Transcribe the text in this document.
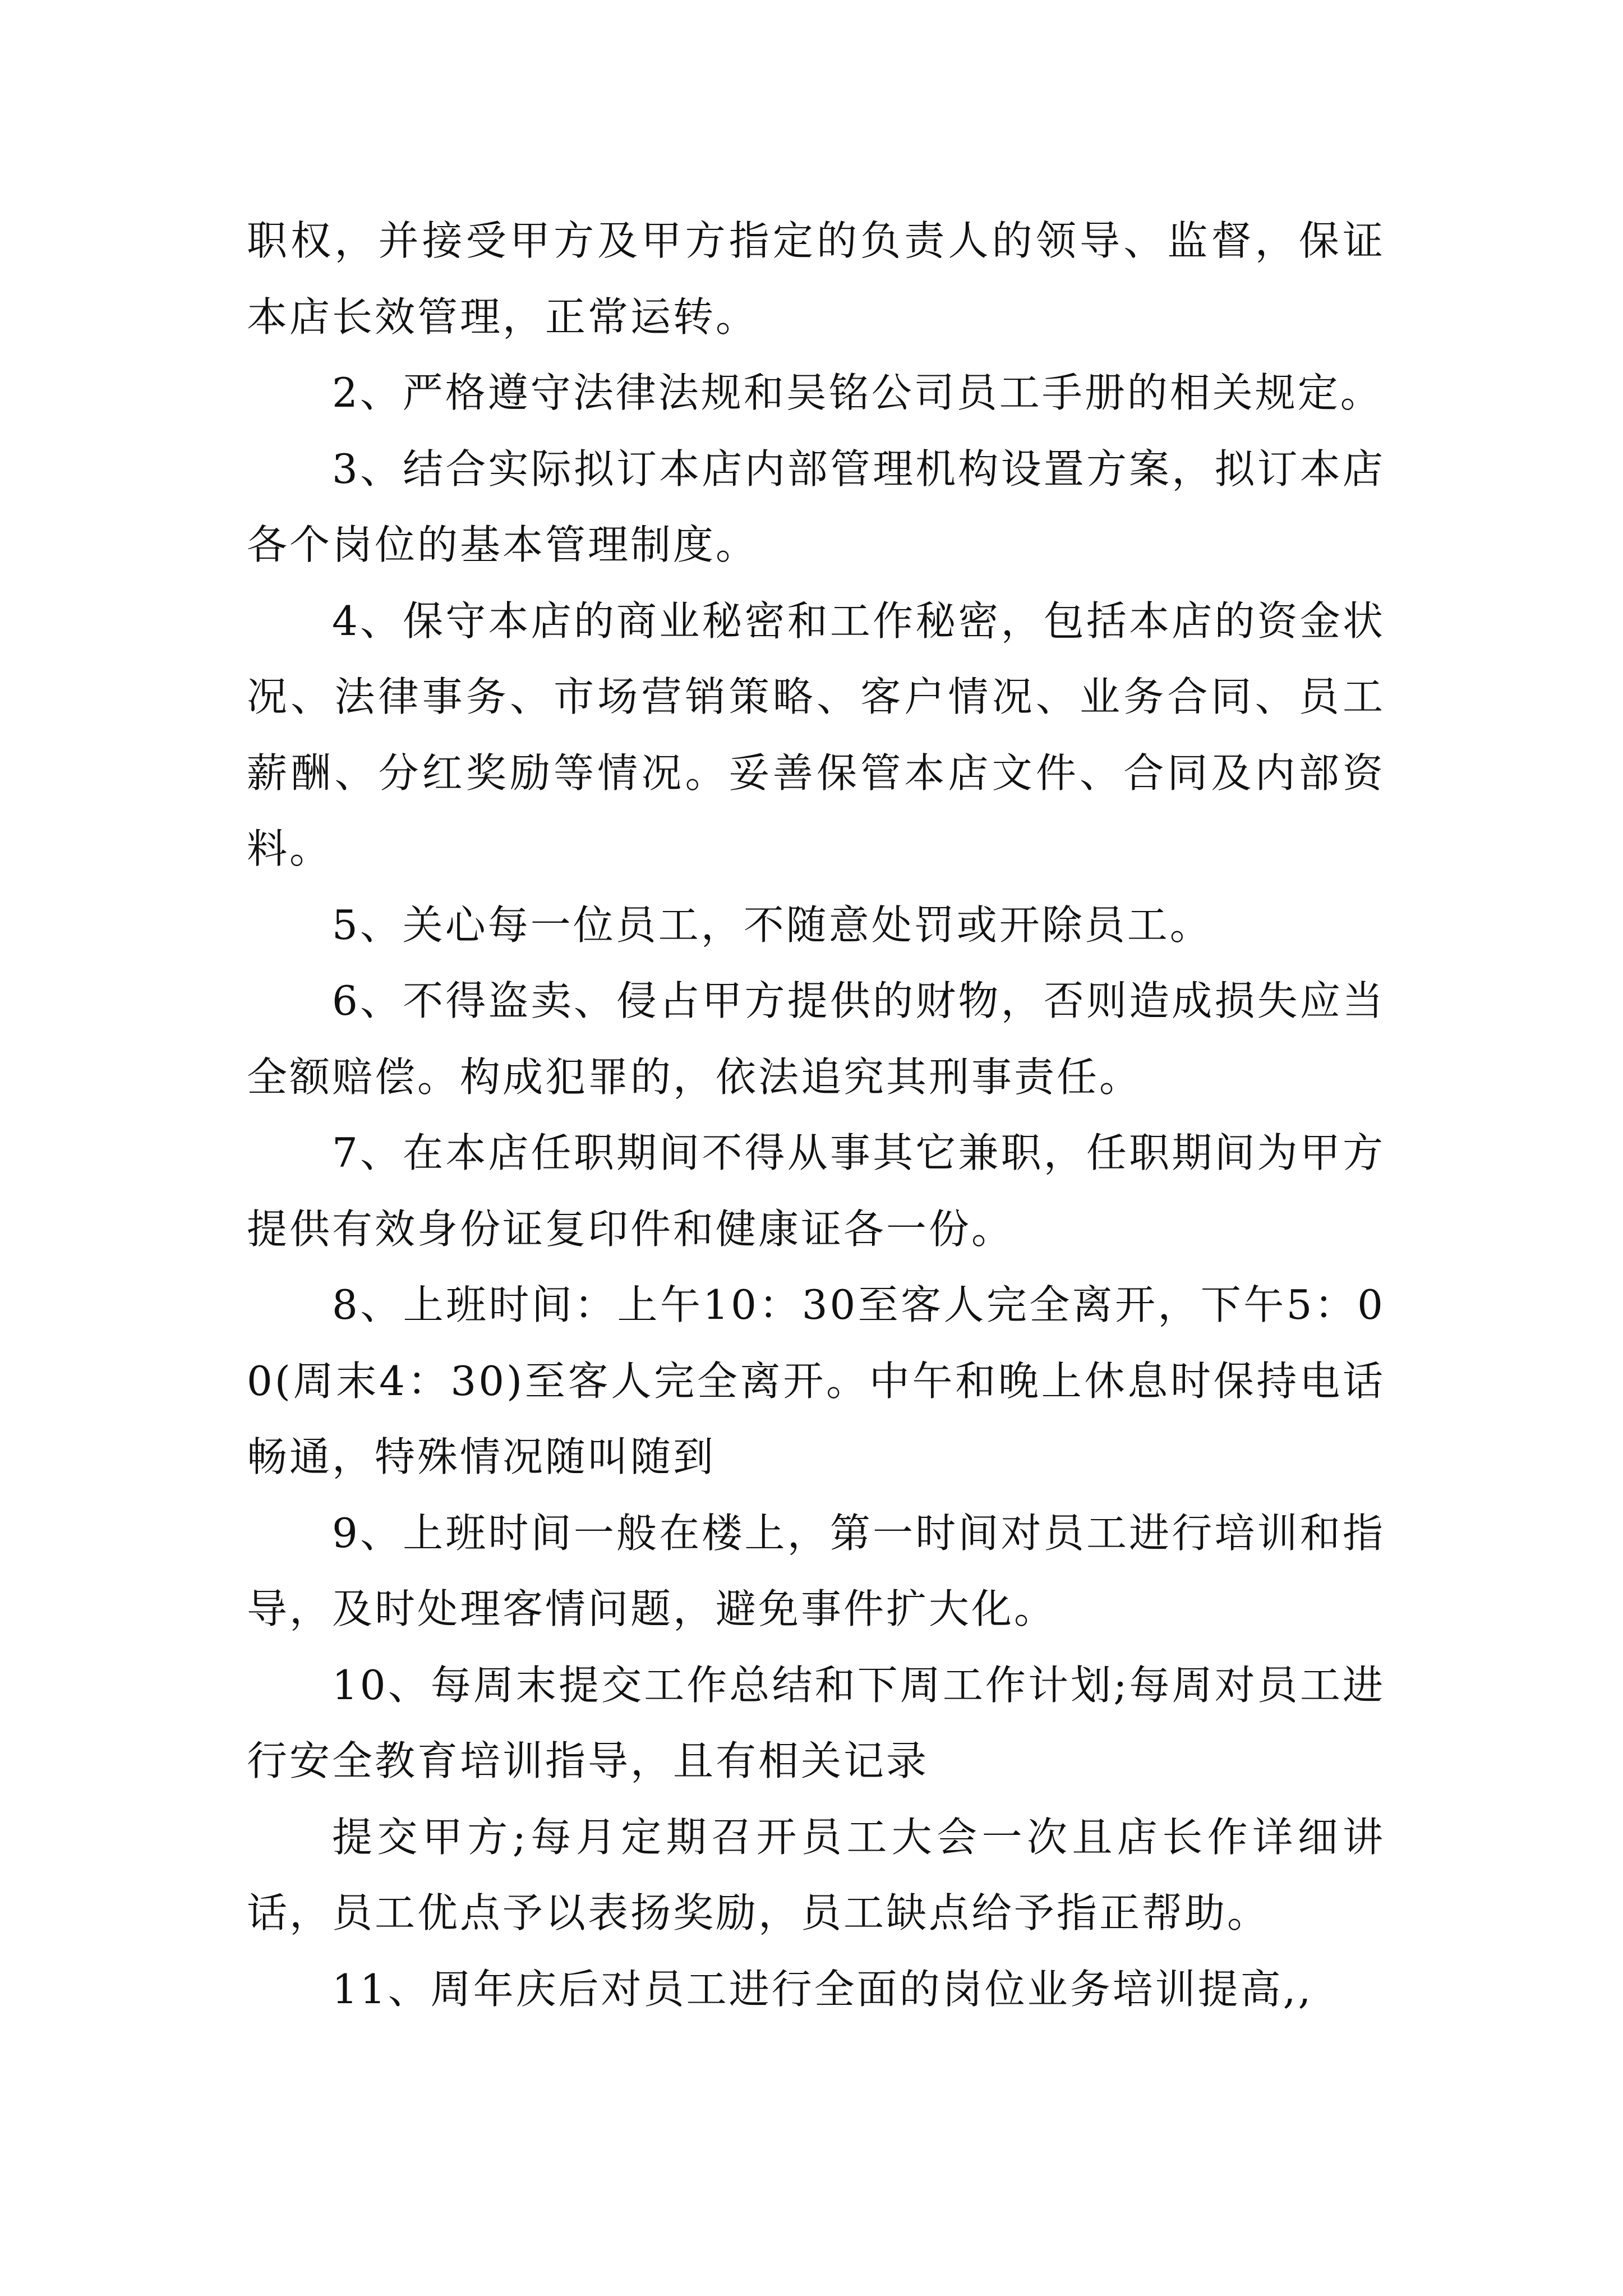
职权，并接受甲方及甲方指定的负责人的领导、监督，保证本店长效管理，正常运转。

2、严格遵守法律法规和吴铭公司员工手册的相关规定。

3、结合实际拟订本店内部管理机构设置方案，拟订本店各个岗位的基本管理制度。

4、保守本店的商业秘密和工作秘密，包括本店的资金状况、法律事务、市场营销策略、客户情况、业务合同、员工薪酬、分红奖励等情况。妥善保管本店文件、合同及内部资料。

5、关心每一位员工，不随意处罚或开除员工。

6、不得盗卖、侵占甲方提供的财物，否则造成损失应当全额赔偿。构成犯罪的，依法追究其刑事责任。

7、在本店任职期间不得从事其它兼职，任职期间为甲方提供有效身份证复印件和健康证各一份。

8、上班时间：上午10：30至客人完全离开，下午5：00(周末4：30)至客人完全离开。中午和晚上休息时保持电话畅通，特殊情况随叫随到

9、上班时间一般在楼上，第一时间对员工进行培训和指导，及时处理客情问题，避免事件扩大化。

10、每周末提交工作总结和下周工作计划;每周对员工进行安全教育培训指导，且有相关记录

提交甲方;每月定期召开员工大会一次且店长作详细讲话，员工优点予以表扬奖励，员工缺点给予指正帮助。

11、周年庆后对员工进行全面的岗位业务培训提高,,
